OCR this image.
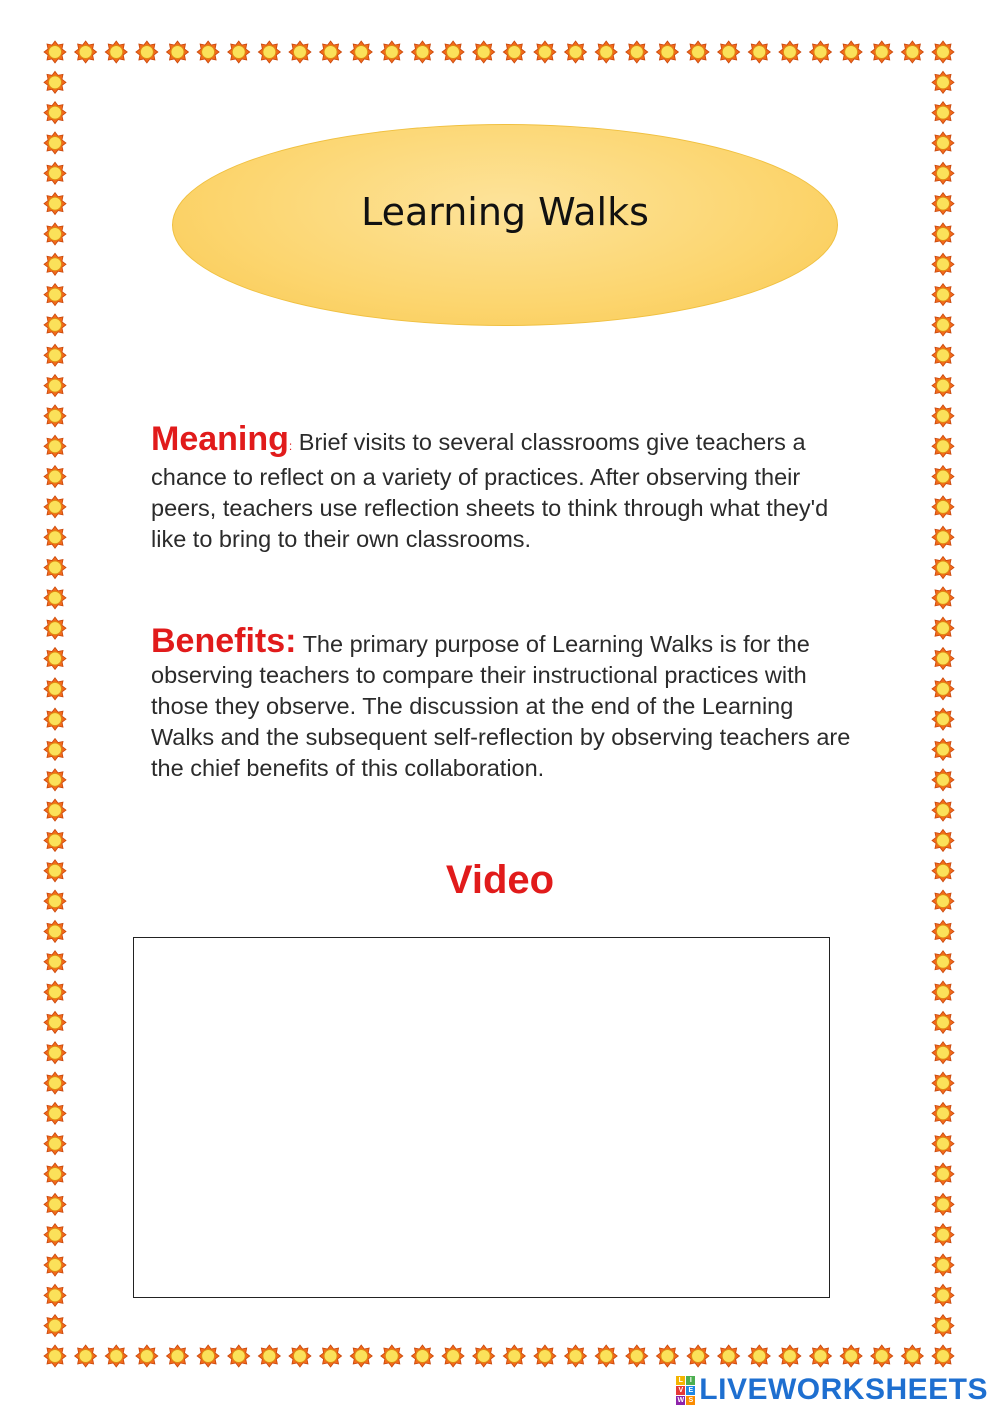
Learning Walks
Meaning: Brief visits to several classrooms give teachers a chance to reflect on a variety of practices. After observing their peers, teachers use reflection sheets to think through what they'd like to bring to their own classrooms.
Benefits: The primary purpose of Learning Walks is for the observing teachers to compare their instructional practices with those they observe. The discussion at the end of the Learning Walks and the subsequent self-reflection by observing teachers are the chief benefits of this collaboration.
Video
L I
V E
W S LIVEWORKSHEETS
